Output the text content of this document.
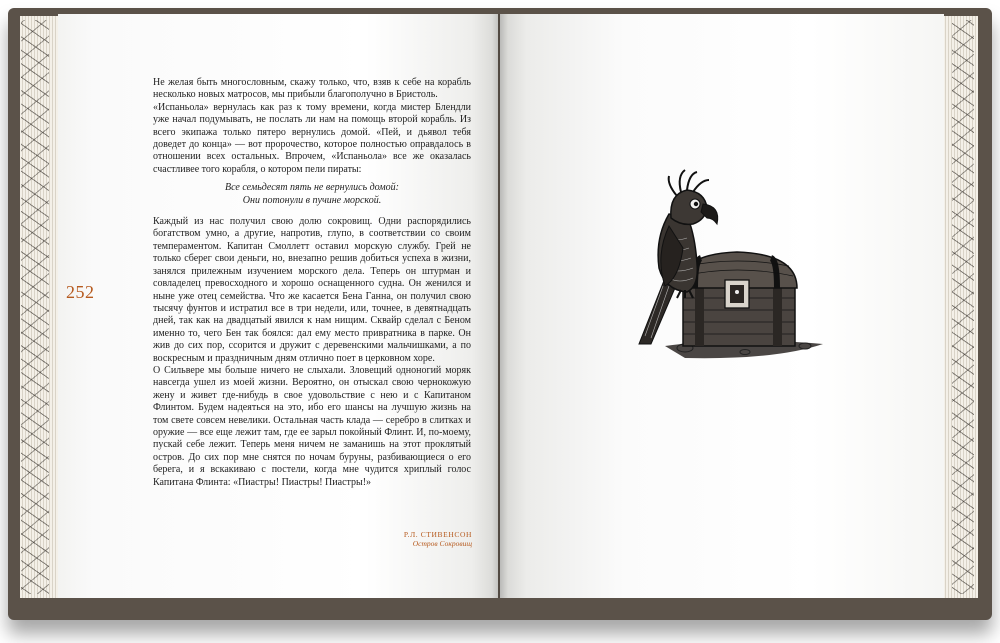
Не желая быть многословным, скажу только, что, взяв к себе на корабль несколько новых матросов, мы прибыли благополучно в Бристоль.

«Испаньола» вернулась как раз к тому времени, когда мистер Блендли уже начал подумывать, не послать ли нам на помощь второй корабль. Из всего экипажа только пятеро вернулись домой. «Пей, и дьявол тебя доведет до конца» — вот пророчество, которое полностью оправдалось в отношении всех остальных. Впрочем, «Испаньола» все же оказалась счастливее того корабля, о котором пели пираты:

Все семьдесят пять не вернулись домой:
Они потонули в пучине морской.

Каждый из нас получил свою долю сокровищ. Одни распорядились богатством умно, а другие, напротив, глупо, в соответствии со своим темпераментом. Капитан Смоллетт оставил морскую службу. Грей не только сберег свои деньги, но, внезапно решив добиться успеха в жизни, занялся прилежным изучением морского дела. Теперь он штурман и совладелец превосходного и хорошо оснащенного судна. Он женился и ныне уже отец семейства. Что же касается Бена Ганна, он получил свою тысячу фунтов и истратил все в три недели, или, точнее, в девятнадцать дней, так как на двадцатый явился к нам нищим. Сквайр сделал с Беном именно то, чего Бен так боялся: дал ему место привратника в парке. Он жив до сих пор, ссорится и дружит с деревенскими мальчишками, а по воскресным и праздничным дням отлично поет в церковном хоре.

О Сильвере мы больше ничего не слыхали. Зловещий одноногий моряк навсегда ушел из моей жизни. Вероятно, он отыскал свою чернокожую жену и живет где-нибудь в свое удовольствие с нею и с Капитаном Флинтом. Будем надеяться на это, ибо его шансы на лучшую жизнь на том свете совсем невелики. Остальная часть клада — серебро в слитках и оружие — все еще лежит там, где ее зарыл покойный Флинт. И, по-моему, пускай себе лежит. Теперь меня ничем не заманишь на этот проклятый остров. До сих пор мне снятся по ночам буруны, разбивающиеся о его берега, и я вскакиваю с постели, когда мне чудится хриплый голос Капитана Флинта: «Пиастры! Пиастры! Пиастры!»

252
Р.Л. СТИВЕНСОН
Остров Сокровищ
